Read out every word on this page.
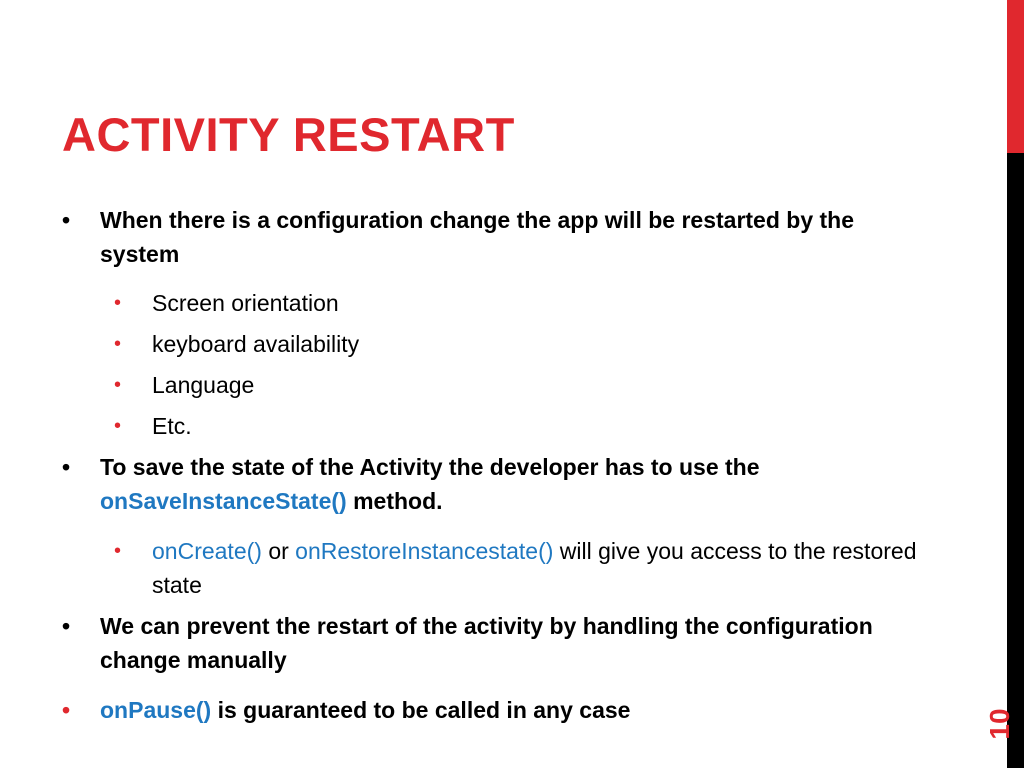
ACTIVITY RESTART
• When there is a configuration change the app will be restarted by the system
• Screen orientation
• keyboard availability
• Language
• Etc.
• To save the state of the Activity the developer has to use the onSaveInstanceState() method.
• onCreate() or onRestoreInstancestate() will give you access to the restored state
• We can prevent the restart of the activity by handling the configuration change manually
• onPause() is guaranteed to be called in any case	10
